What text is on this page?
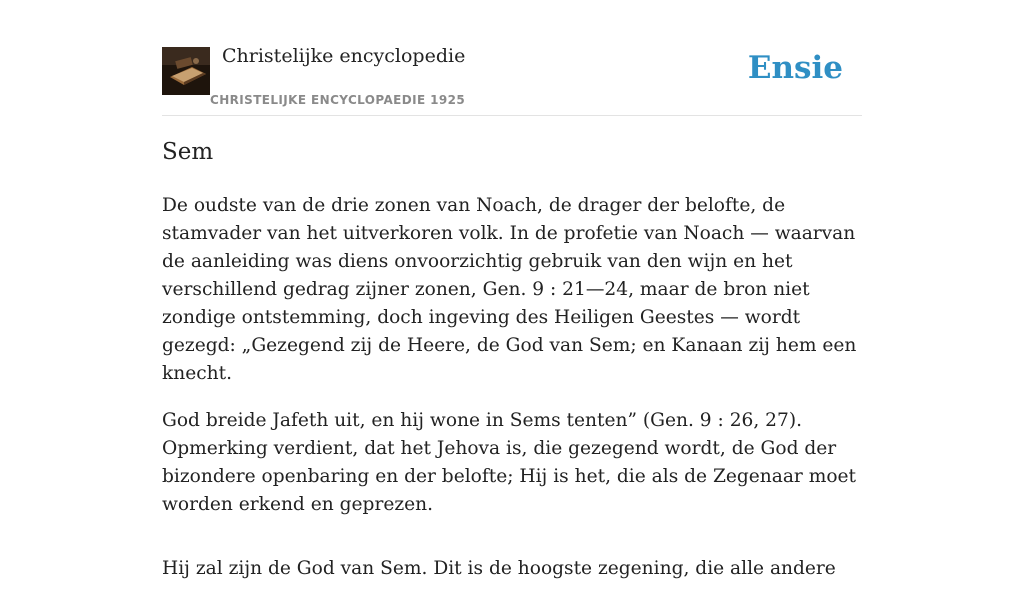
Christelijke encyclopedie
CHRISTELIJKE ENCYCLOPAEDIE 1925
Ensie
Sem

De oudste van de drie zonen van Noach, de drager der belofte, de stamvader van het uitverkoren volk. In de profetie van Noach — waarvan de aanleiding was diens onvoorzichtig gebruik van den wijn en het verschillend gedrag zijner zonen, Gen. 9 : 21—24, maar de bron niet zondige ontstemming, doch ingeving des Heiligen Geestes — wordt gezegd: „Gezegend zij de Heere, de God van Sem; en Kanaan zij hem een knecht.

God breide Jafeth uit, en hij wone in Sems tenten” (Gen. 9 : 26, 27). Opmerking verdient, dat het Jehova is, die gezegend wordt, de God der bizondere openbaring en der belofte; Hij is het, die als de Zegenaar moet worden erkend en geprezen.

Hij zal zijn de God van Sem. Dit is de hoogste zegening, die alle andere
